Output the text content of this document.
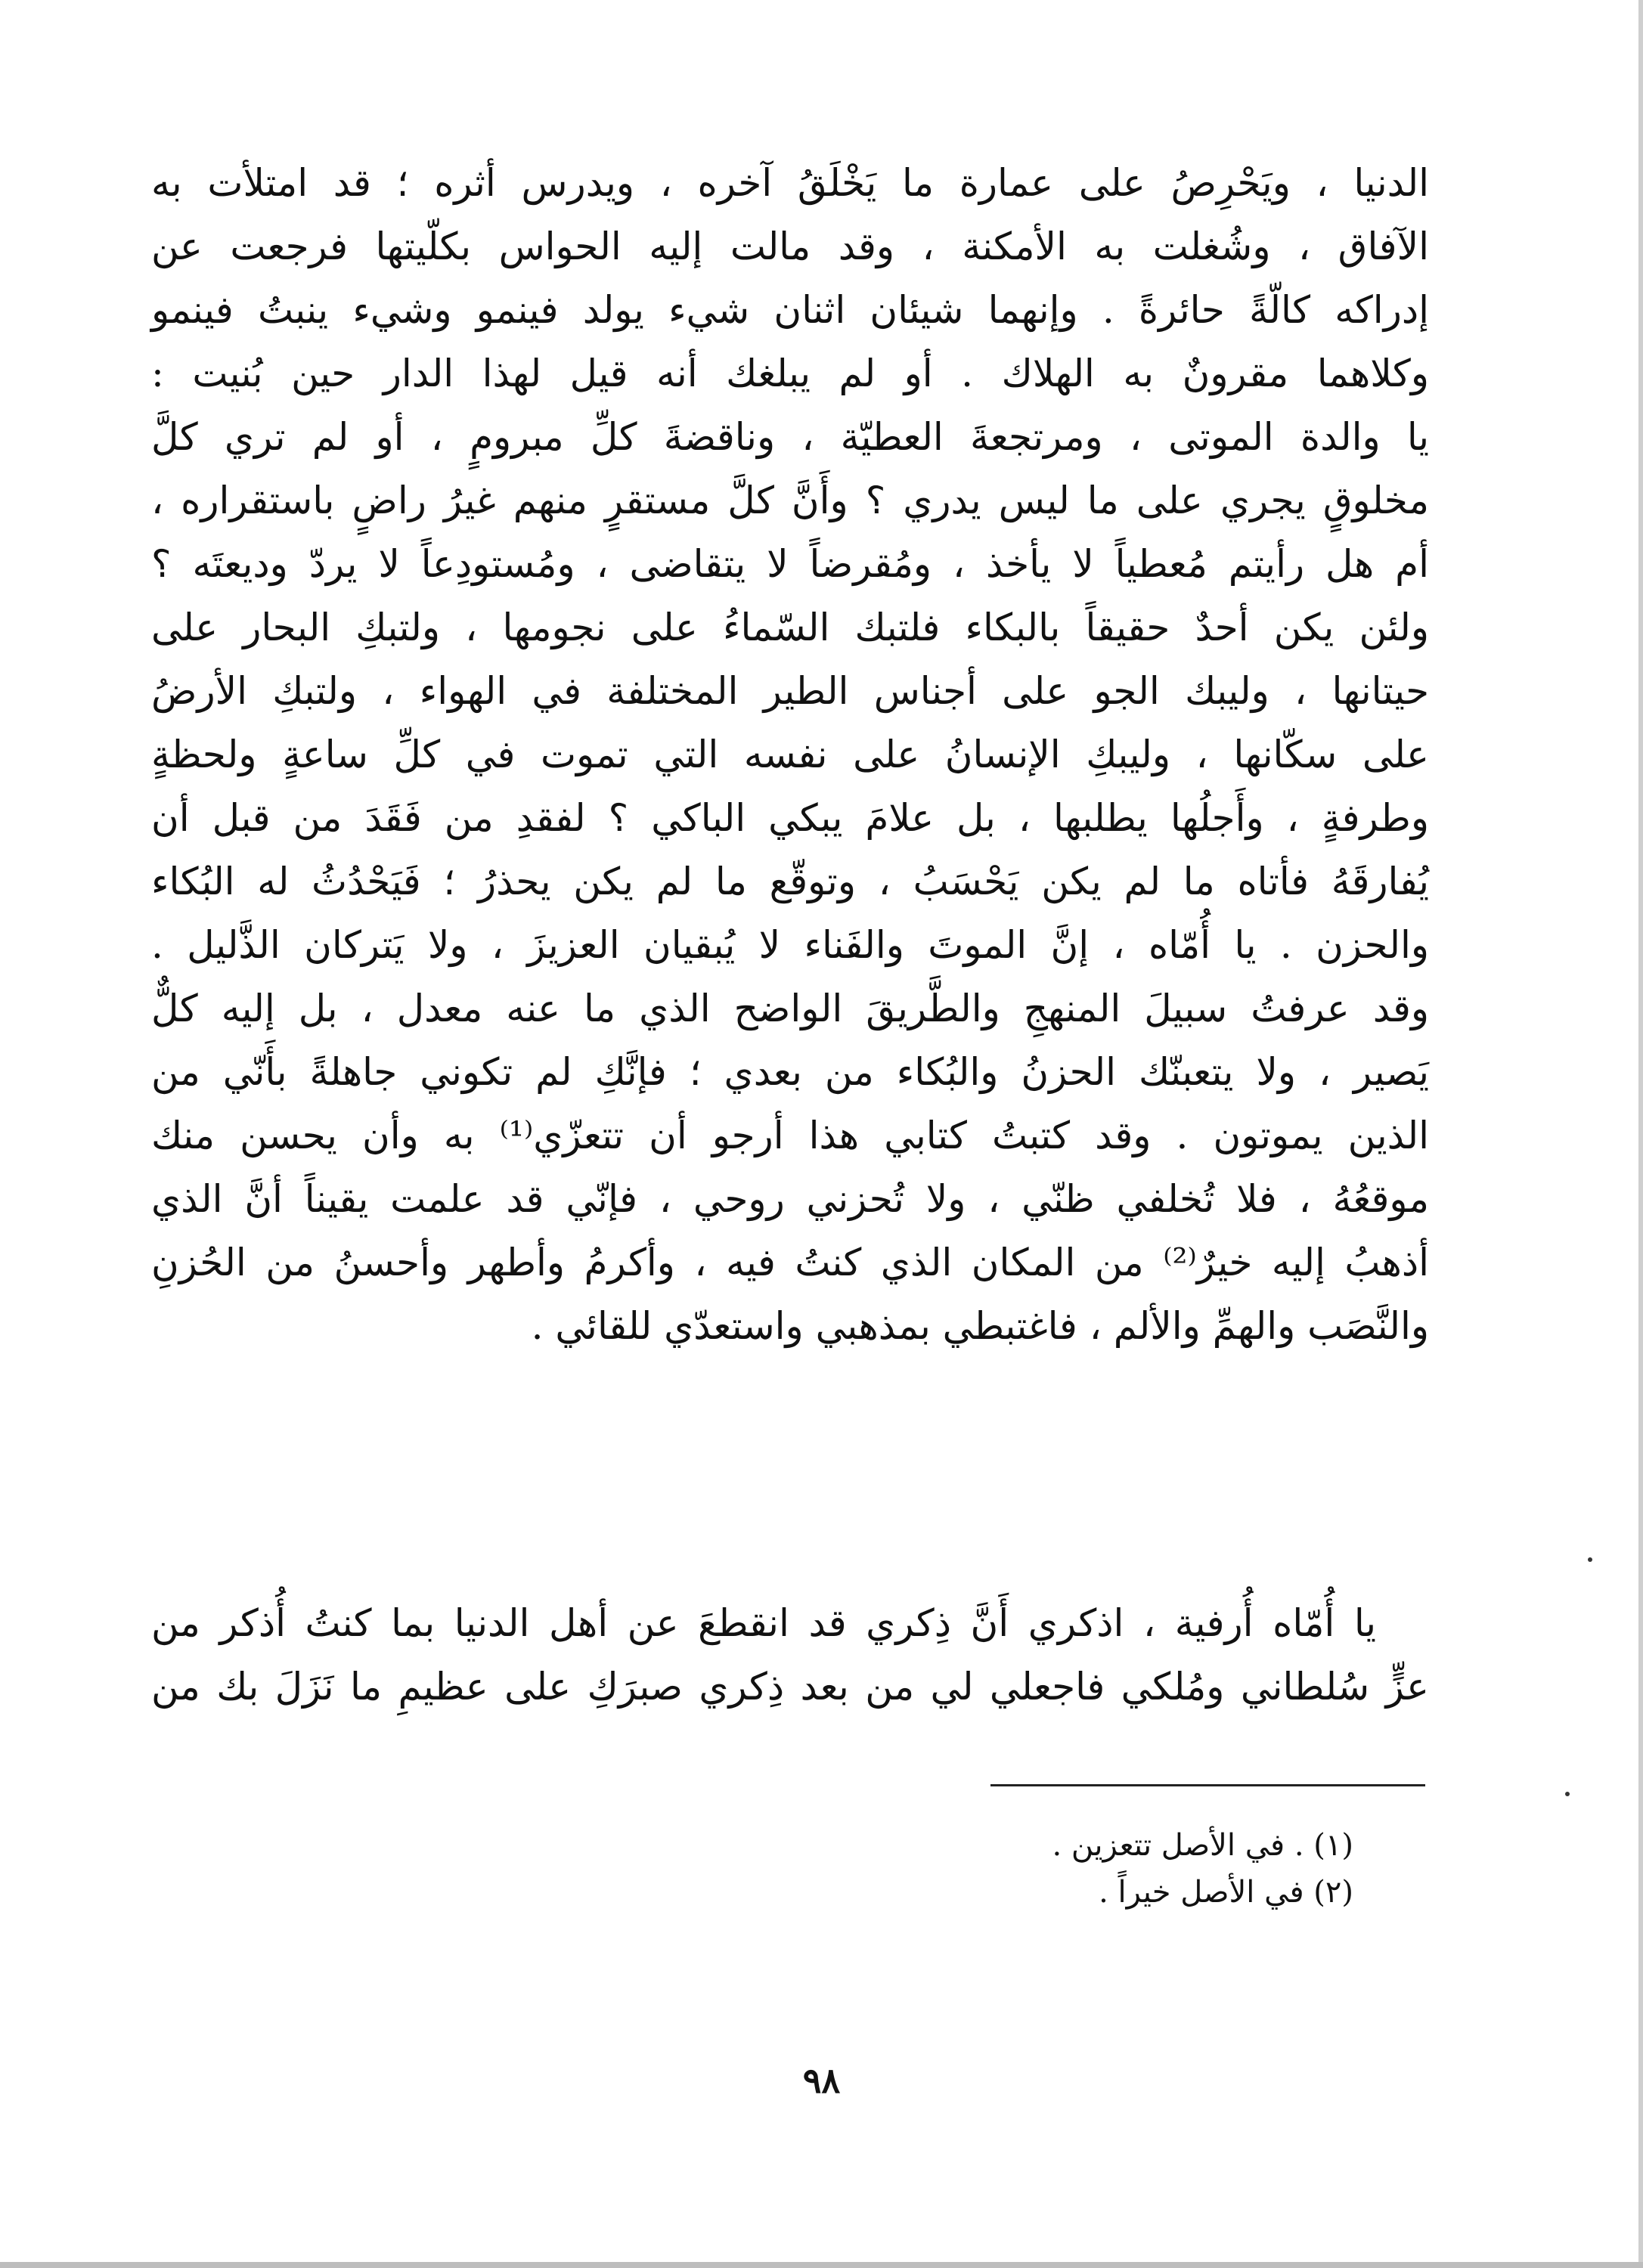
الدنيا ، ويَحْرِصُ على عمارة ما يَخْلَقُ آخره ، ويدرس أثره ؛ قد امتلأت به
الآفاق ، وشُغلت به الأمكنة ، وقد مالت إليه الحواس بكلّيتها فرجعت عن
إدراكه كالّةً حائرةً . وإنهما شيئان اثنان شيء يولد فينمو وشيء ينبتُ فينمو
وكلاهما مقرونٌ به الهلاك . أو لم يبلغك أنه قيل لهذا الدار حين بُنيت :
يا والدة الموتى ، ومرتجعةَ العطيّة ، وناقضةَ كلِّ مبرومٍ ، أو لم تري كلَّ
مخلوقٍ يجري على ما ليس يدري ؟ وأَنَّ كلَّ مستقرٍ منهم غيرُ راضٍ باستقراره ،
أم هل رأيتم مُعطياً لا يأخذ ، ومُقرضاً لا يتقاضى ، ومُستودِعاً لا يردّ وديعتَه ؟
ولئن يكن أحدٌ حقيقاً بالبكاء فلتبك السّماءُ على نجومها ، ولتبكِ البحار على
حيتانها ، وليبك الجو على أجناس الطير المختلفة في الهواء ، ولتبكِ الأرضُ
على سكّانها ، وليبكِ الإنسانُ على نفسه التي تموت في كلِّ ساعةٍ ولحظةٍ
وطرفةٍ ، وأَجلُها يطلبها ، بل علامَ يبكي الباكي ؟ لفقدِ من فَقَدَ من قبل أن
يُفارقَهُ فأتاه ما لم يكن يَحْسَبُ ، وتوقّع ما لم يكن يحذرُ ؛ فَيَحْدُثُ له البُكاء
والحزن . يا أُمّاه ، إنَّ الموتَ والفَناء لا يُبقيان العزيزَ ، ولا يَتركان الذَّليل .
وقد عرفتُ سبيلَ المنهجِ والطَّريقَ الواضح الذي ما عنه معدل ، بل إليه كلٌّ
يَصير ، ولا يتعبنّك الحزنُ والبُكاء من بعدي ؛ فإنَّكِ لم تكوني جاهلةً بأَنّي من
الذين يموتون . وقد كتبتُ كتابي هذا أرجو أن تتعزّي⁽¹⁾ به وأن يحسن منك
موقعُهُ ، فلا تُخلفي ظنّي ، ولا تُحزني روحي ، فإنّي قد علمت يقيناً أنَّ الذي
أذهبُ إليه خيرٌ⁽²⁾ من المكان الذي كنتُ فيه ، وأكرمُ وأطهر وأحسنُ من الحُزنِ
والنَّصَب والهمِّ والألم ، فاغتبطي بمذهبي واستعدّي للقائي .
يا أُمّاه أُرفية ، اذكري أَنَّ ذِكري قد انقطعَ عن أهل الدنيا بما كنتُ أُذكر من
عزٍّ سُلطاني ومُلكي فاجعلي لي من بعد ذِكري صبرَكِ على عظيمِ ما نَزَلَ بك من
(١) . في الأصل تتعزين .
(٢) في الأصل خيراً .
٩٨
